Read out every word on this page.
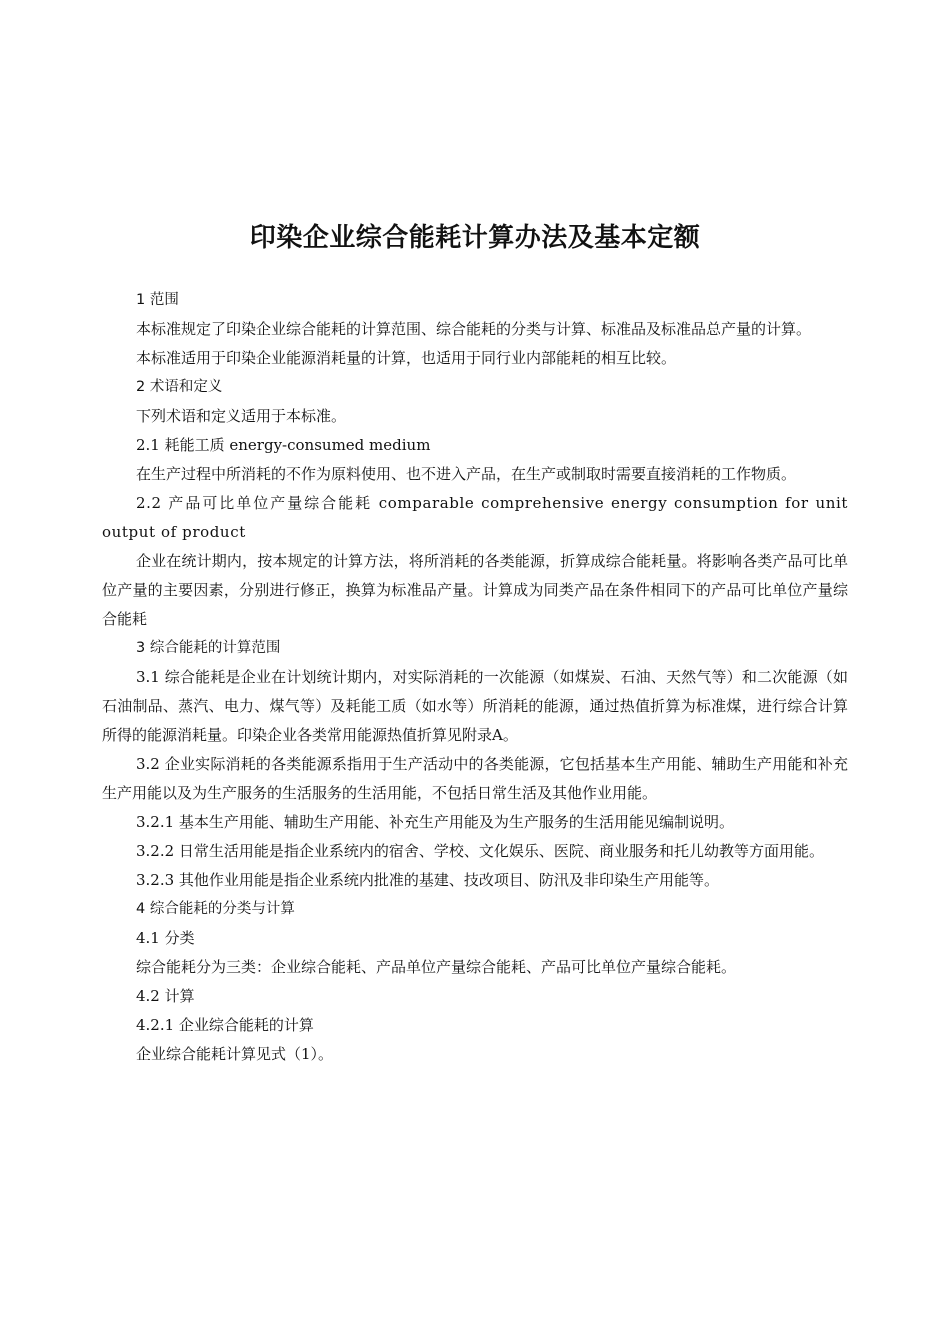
印染企业综合能耗计算办法及基本定额

1 范围

本标准规定了印染企业综合能耗的计算范围、综合能耗的分类与计算、标准品及标准品总产量的计算。

本标准适用于印染企业能源消耗量的计算，也适用于同行业内部能耗的相互比较。

2 术语和定义

下列术语和定义适用于本标准。

2.1 耗能工质 energy-consumed medium

在生产过程中所消耗的不作为原料使用、也不进入产品，在生产或制取时需要直接消耗的工作物质。

2.2 产品可比单位产量综合能耗 comparable comprehensive energy consumption for unit output of product

企业在统计期内，按本规定的计算方法，将所消耗的各类能源，折算成综合能耗量。将影响各类产品可比单位产量的主要因素，分别进行修正，换算为标准品产量。计算成为同类产品在条件相同下的产品可比单位产量综合能耗

3 综合能耗的计算范围

3.1 综合能耗是企业在计划统计期内，对实际消耗的一次能源（如煤炭、石油、天然气等）和二次能源（如石油制品、蒸汽、电力、煤气等）及耗能工质（如水等）所消耗的能源，通过热值折算为标准煤，进行综合计算所得的能源消耗量。印染企业各类常用能源热值折算见附录A。

3.2 企业实际消耗的各类能源系指用于生产活动中的各类能源，它包括基本生产用能、辅助生产用能和补充生产用能以及为生产服务的生活服务的生活用能，不包括日常生活及其他作业用能。

3.2.1 基本生产用能、辅助生产用能、补充生产用能及为生产服务的生活用能见编制说明。

3.2.2 日常生活用能是指企业系统内的宿舍、学校、文化娱乐、医院、商业服务和托儿幼教等方面用能。

3.2.3 其他作业用能是指企业系统内批准的基建、技改项目、防汛及非印染生产用能等。

4 综合能耗的分类与计算

4.1 分类

综合能耗分为三类：企业综合能耗、产品单位产量综合能耗、产品可比单位产量综合能耗。

4.2 计算

4.2.1 企业综合能耗的计算

企业综合能耗计算见式（1）。
